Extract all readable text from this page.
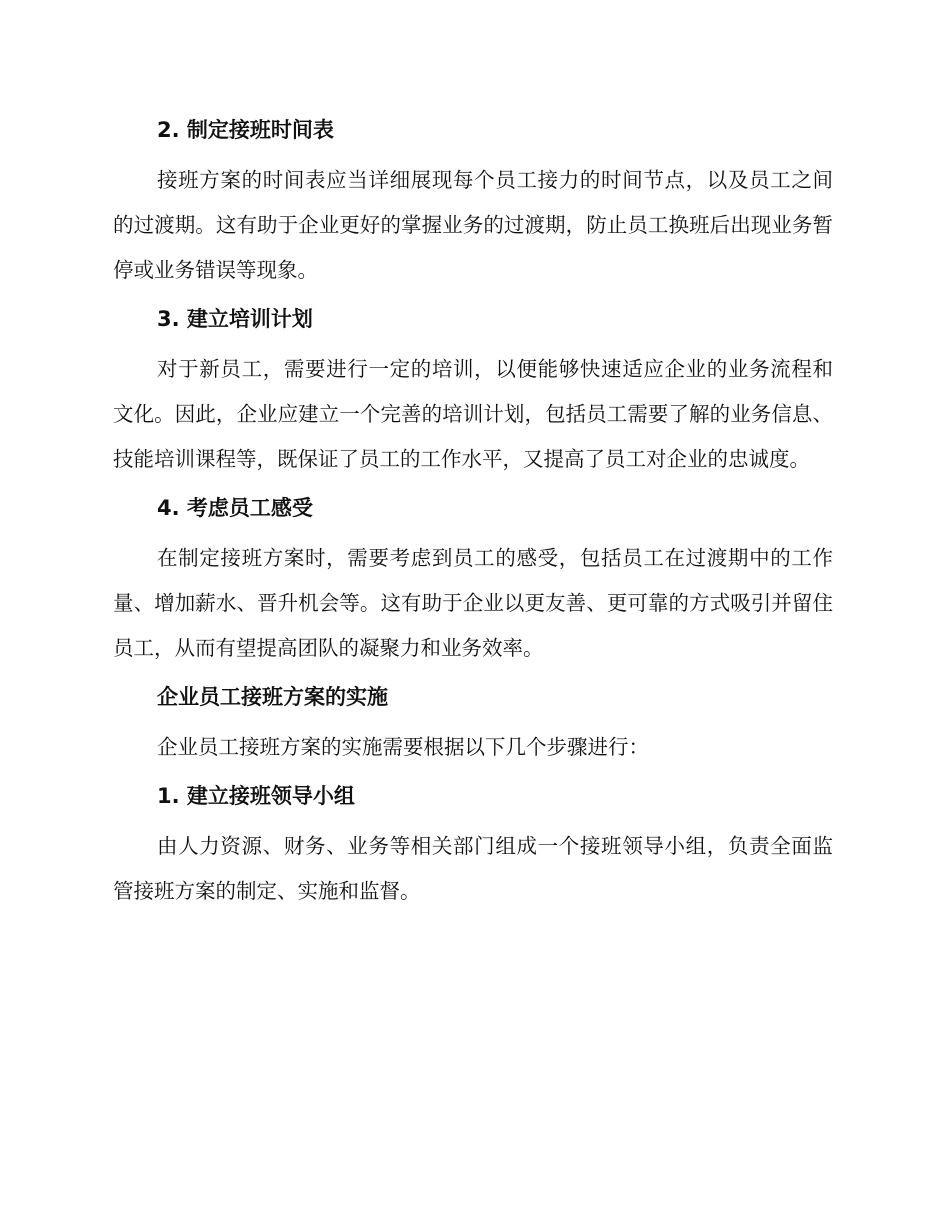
2. 制定接班时间表

接班方案的时间表应当详细展现每个员工接力的时间节点，以及员工之间的过渡期。这有助于企业更好的掌握业务的过渡期，防止员工换班后出现业务暂停或业务错误等现象。

3. 建立培训计划

对于新员工，需要进行一定的培训，以便能够快速适应企业的业务流程和文化。因此，企业应建立一个完善的培训计划，包括员工需要了解的业务信息、技能培训课程等，既保证了员工的工作水平，又提高了员工对企业的忠诚度。

4. 考虑员工感受

在制定接班方案时，需要考虑到员工的感受，包括员工在过渡期中的工作量、增加薪水、晋升机会等。这有助于企业以更友善、更可靠的方式吸引并留住员工，从而有望提高团队的凝聚力和业务效率。

企业员工接班方案的实施

企业员工接班方案的实施需要根据以下几个步骤进行：

1. 建立接班领导小组

由人力资源、财务、业务等相关部门组成一个接班领导小组，负责全面监管接班方案的制定、实施和监督。
